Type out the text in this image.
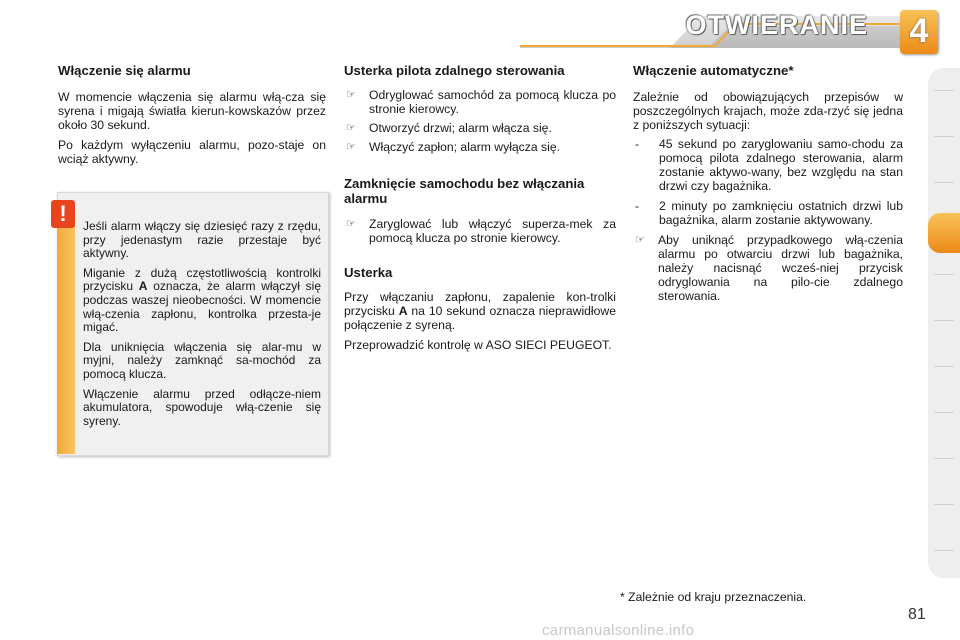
OTWIERANIE 4
Włączenie się alarmu

W momencie włączenia się alarmu włą-cza się syrena i migają światła kierun-kowskazów przez około 30 sekund.

Po każdym wyłączeniu alarmu, pozo-staje on wciąż aktywny.

!	Jeśli alarm włączy się dziesięć razy z rzędu, przy jedenastym razie przestaje być aktywny.

Miganie z dużą częstotliwością kontrolki przycisku A oznacza, że alarm włączył się podczas waszej nieobecności. W momencie włą-czenia zapłonu, kontrolka przesta-je migać.

Dla uniknięcia włączenia się alar-mu w myjni, należy zamknąć sa-mochód za pomocą klucza.

Włączenie alarmu przed odłącze-niem akumulatora, spowoduje włą-czenie się syreny.

Usterka pilota zdalnego sterowania
☞ Odryglować samochód za pomocą klucza po stronie kierowcy.
☞ Otworzyć drzwi; alarm włącza się.
☞ Włączyć zapłon; alarm wyłącza się.
Zamknięcie samochodu bez włączania alarmu
☞ Zaryglować lub włączyć superza-mek za pomocą klucza po stronie kierowcy.
Usterka

Przy włączaniu zapłonu, zapalenie kon-trolki przycisku A na 10 sekund oznacza nieprawidłowe połączenie z syreną.

Przeprowadzić kontrolę w ASO SIECI PEUGEOT.

Włączenie automatyczne*

Zależnie od obowiązujących przepisów w poszczególnych krajach, może zda-rzyć się jedna z poniższych sytuacji:

- 45 sekund po zaryglowaniu samo-chodu za pomocą pilota zdalnego sterowania, alarm zostanie aktywo-wany, bez względu na stan drzwi czy bagażnika.
- 2 minuty po zamknięciu ostatnich drzwi lub bagażnika, alarm zostanie aktywowany.
☞ Aby uniknąć przypadkowego włą-czenia alarmu po otwarciu drzwi lub bagażnika, należy nacisnąć wcześ-niej przycisk odryglowania na pilo-cie zdalnego sterowania.
* Zależnie od kraju przeznaczenia.
81
carmanualsonline.info
